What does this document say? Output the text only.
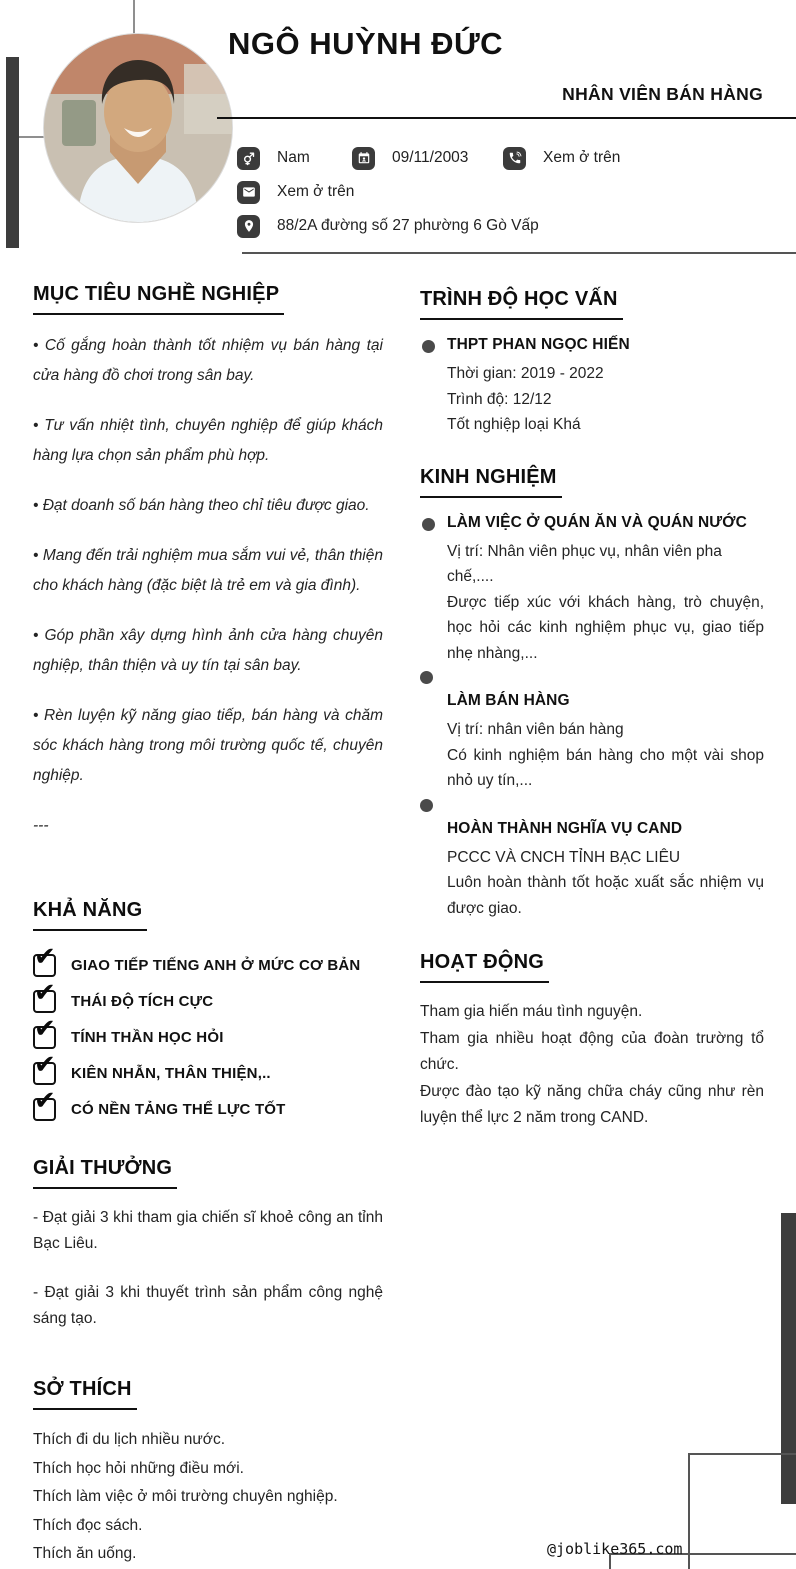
NGÔ HUỲNH ĐỨC
NHÂN VIÊN BÁN HÀNG
Nam	09/11/2003	Xem ở trên
Xem ở trên
88/2A đường số 27 phường 6 Gò Vấp
MỤC TIÊU NGHỀ NGHIỆP

• Cố gắng hoàn thành tốt nhiệm vụ bán hàng tại cửa hàng đồ chơi trong sân bay.

• Tư vấn nhiệt tình, chuyên nghiệp để giúp khách hàng lựa chọn sản phẩm phù hợp.

• Đạt doanh số bán hàng theo chỉ tiêu được giao.

• Mang đến trải nghiệm mua sắm vui vẻ, thân thiện cho khách hàng (đặc biệt là trẻ em và gia đình).

• Góp phần xây dựng hình ảnh cửa hàng chuyên nghiệp, thân thiện và uy tín tại sân bay.

• Rèn luyện kỹ năng giao tiếp, bán hàng và chăm sóc khách hàng trong môi trường quốc tế, chuyên nghiệp.

---

KHẢ NĂNG
✔ GIAO TIẾP TIẾNG ANH Ở MỨC CƠ BẢN
✔ THÁI ĐỘ TÍCH CỰC
✔ TÍNH THẦN HỌC HỎI
✔ KIÊN NHẪN, THÂN THIỆN,..
✔ CÓ NỀN TẢNG THỂ LỰC TỐT
GIẢI THƯỞNG

- Đạt giải 3 khi tham gia chiến sĩ khoẻ công an tỉnh Bạc Liêu.

- Đạt giải 3 khi thuyết trình sản phẩm công nghệ sáng tạo.

SỞ THÍCH
Thích đi du lịch nhiều nước.
Thích học hỏi những điều mới.
Thích làm việc ở môi trường chuyên nghiệp.
Thích đọc sách.
Thích ăn uống.
TRÌNH ĐỘ HỌC VẤN
THPT PHAN NGỌC HIẾN
Thời gian: 2019 - 2022
Trình độ: 12/12
Tốt nghiệp loại Khá
KINH NGHIỆM
LÀM VIỆC Ở QUÁN ĂN VÀ QUÁN NƯỚC
Vị trí: Nhân viên phục vụ, nhân viên pha chế,....
Được tiếp xúc với khách hàng, trò chuyện, học hỏi các kinh nghiệm phục vụ, giao tiếp nhẹ nhàng,...
LÀM BÁN HÀNG
Vị trí: nhân viên bán hàng
Có kinh nghiệm bán hàng cho một vài shop nhỏ uy tín,...
HOÀN THÀNH NGHĨA VỤ CAND
PCCC VÀ CNCH TỈNH BẠC LIÊU
Luôn hoàn thành tốt hoặc xuất sắc nhiệm vụ được giao.
HOẠT ĐỘNG
Tham gia hiến máu tình nguyện.
Tham gia nhiều hoạt động của đoàn trường tổ chức.
Được đào tạo kỹ năng chữa cháy cũng như rèn luyện thể lực 2 năm trong CAND.
@joblike365.com
